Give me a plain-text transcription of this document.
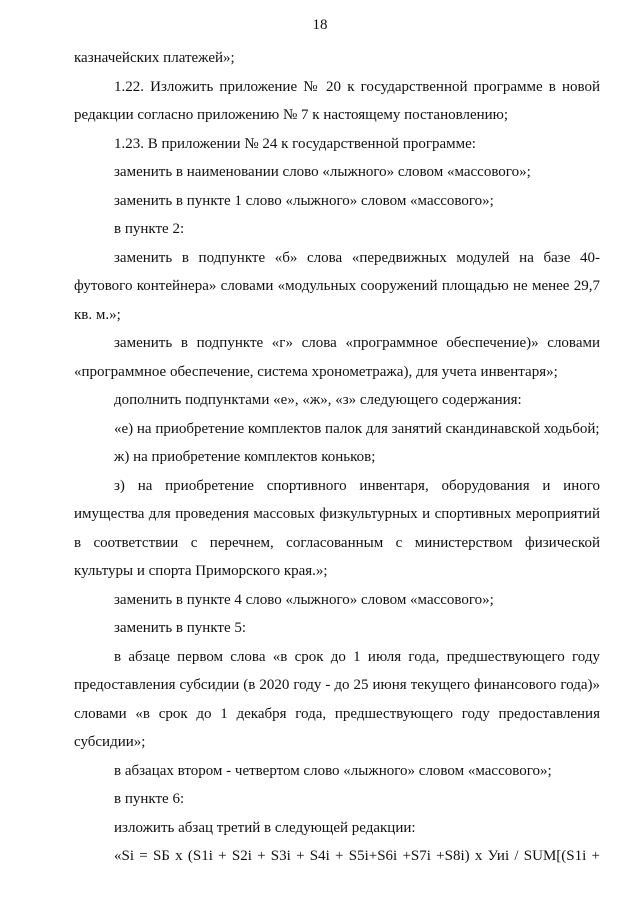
18

казначейских платежей»;

1.22. Изложить приложение № 20 к государственной программе в новой редакции согласно приложению № 7 к настоящему постановлению;

1.23. В приложении № 24 к государственной программе:

заменить в наименовании слово «лыжного» словом «массового»;

заменить в пункте 1 слово «лыжного» словом «массового»;

в пункте 2:

заменить в подпункте «б» слова «передвижных модулей на базе 40-футового контейнера» словами «модульных сооружений площадью не менее 29,7 кв. м.»;

заменить в подпункте «г» слова «программное обеспечение)» словами «программное обеспечение, система хронометража), для учета инвентаря»;

дополнить подпунктами «е», «ж», «з» следующего содержания:

«е) на приобретение комплектов палок для занятий скандинавской ходьбой;

ж) на приобретение комплектов коньков;

з) на приобретение спортивного инвентаря, оборудования и иного имущества для проведения массовых физкультурных и спортивных мероприятий в соответствии с перечнем, согласованным с министерством физической культуры и спорта Приморского края.»;

заменить в пункте 4 слово «лыжного» словом «массового»;

заменить в пункте 5:

в абзаце первом слова «в срок до 1 июля года, предшествующего году предоставления субсидии (в 2020 году - до 25 июня текущего финансового года)» словами «в срок до 1 декабря года, предшествующего году предоставления субсидии»;

в абзацах втором - четвертом слово «лыжного» словом «массового»;

в пункте 6:

изложить абзац третий в следующей редакции:

«Si = SБ х (S1i + S2i + S3i + S4i + S5i+S6i +S7i +S8i) х Уиi / SUM[(S1i +
